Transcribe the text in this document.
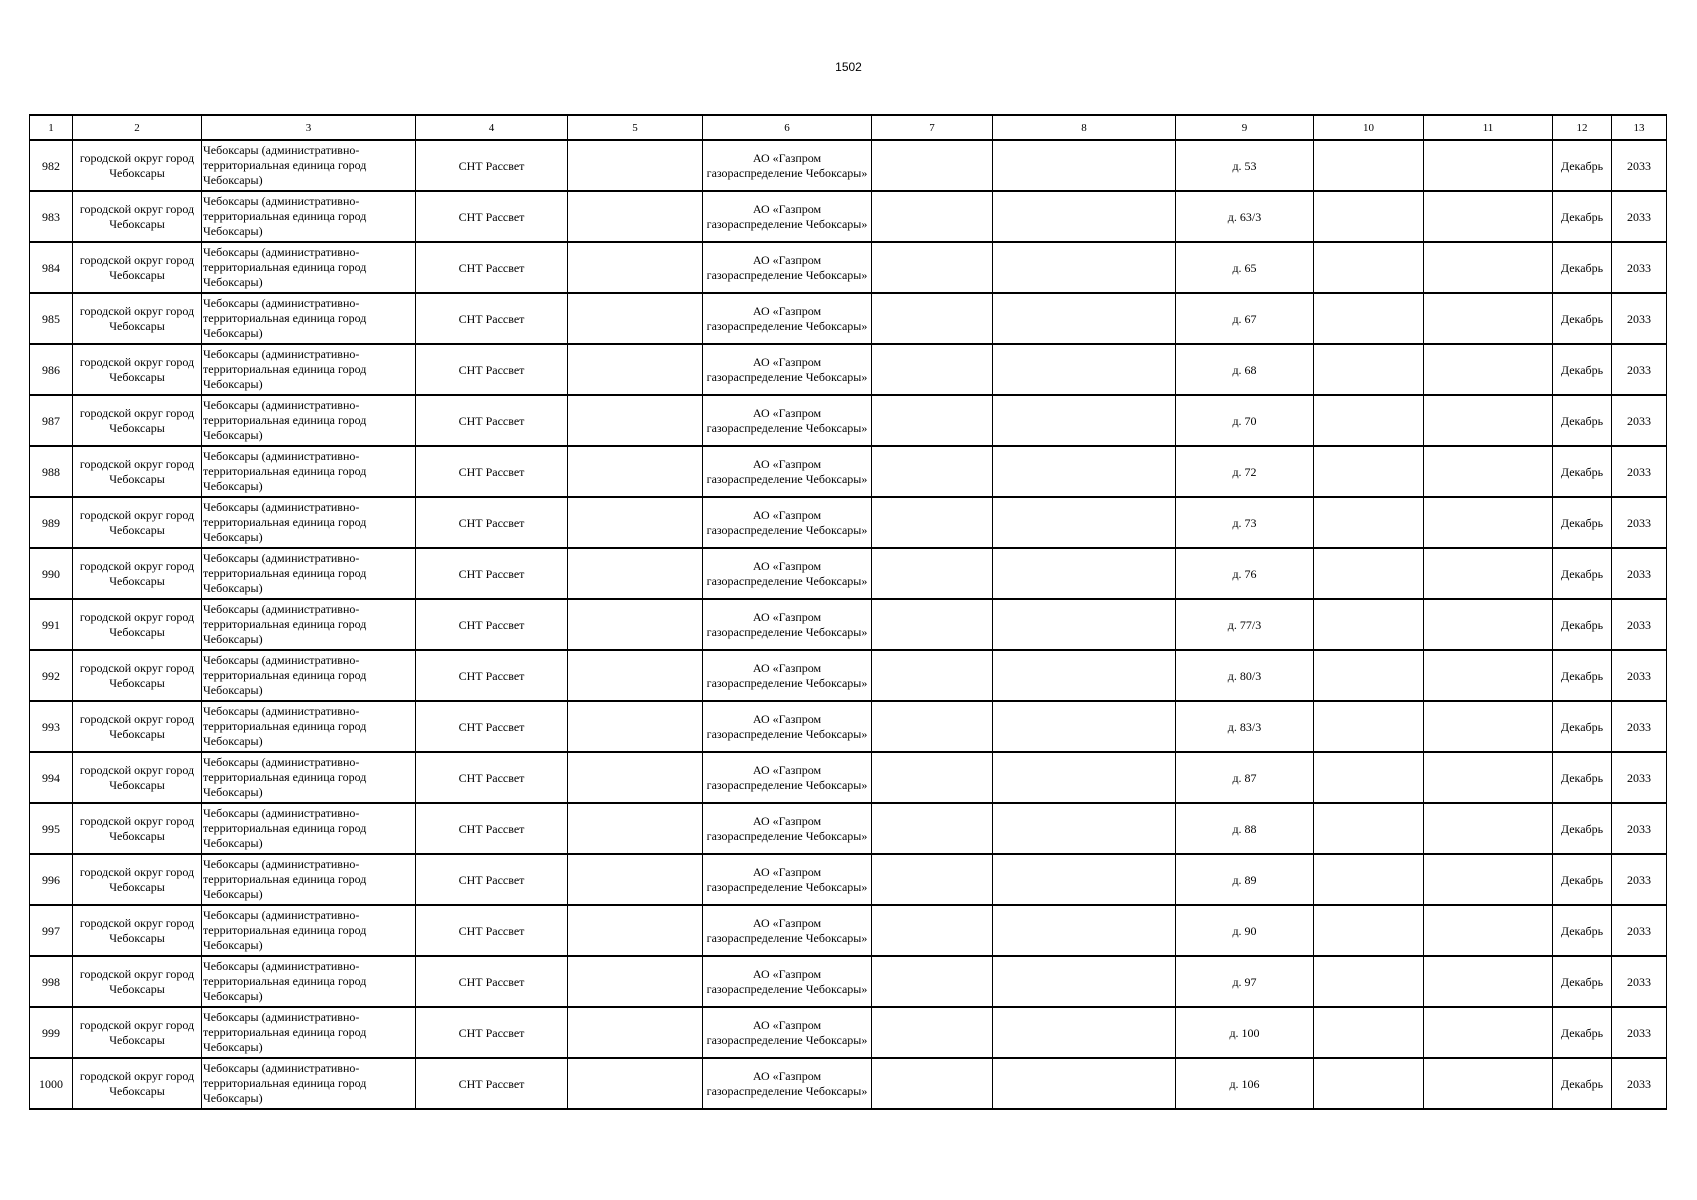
1502
1	2	3	4	5	6	7	8	9	10	11	12	13
982	городской округ город Чебоксары	Чебоксары (административно-территориальная единица город Чебоксары)	СНТ Рассвет		АО «Газпром газораспределение Чебоксары»			д. 53			Декабрь	2033
983	городской округ город Чебоксары	Чебоксары (административно-территориальная единица город Чебоксары)	СНТ Рассвет		АО «Газпром газораспределение Чебоксары»			д. 63/3			Декабрь	2033
984	городской округ город Чебоксары	Чебоксары (административно-территориальная единица город Чебоксары)	СНТ Рассвет		АО «Газпром газораспределение Чебоксары»			д. 65			Декабрь	2033
985	городской округ город Чебоксары	Чебоксары (административно-территориальная единица город Чебоксары)	СНТ Рассвет		АО «Газпром газораспределение Чебоксары»			д. 67			Декабрь	2033
986	городской округ город Чебоксары	Чебоксары (административно-территориальная единица город Чебоксары)	СНТ Рассвет		АО «Газпром газораспределение Чебоксары»			д. 68			Декабрь	2033
987	городской округ город Чебоксары	Чебоксары (административно-территориальная единица город Чебоксары)	СНТ Рассвет		АО «Газпром газораспределение Чебоксары»			д. 70			Декабрь	2033
988	городской округ город Чебоксары	Чебоксары (административно-территориальная единица город Чебоксары)	СНТ Рассвет		АО «Газпром газораспределение Чебоксары»			д. 72			Декабрь	2033
989	городской округ город Чебоксары	Чебоксары (административно-территориальная единица город Чебоксары)	СНТ Рассвет		АО «Газпром газораспределение Чебоксары»			д. 73			Декабрь	2033
990	городской округ город Чебоксары	Чебоксары (административно-территориальная единица город Чебоксары)	СНТ Рассвет		АО «Газпром газораспределение Чебоксары»			д. 76			Декабрь	2033
991	городской округ город Чебоксары	Чебоксары (административно-территориальная единица город Чебоксары)	СНТ Рассвет		АО «Газпром газораспределение Чебоксары»			д. 77/3			Декабрь	2033
992	городской округ город Чебоксары	Чебоксары (административно-территориальная единица город Чебоксары)	СНТ Рассвет		АО «Газпром газораспределение Чебоксары»			д. 80/3			Декабрь	2033
993	городской округ город Чебоксары	Чебоксары (административно-территориальная единица город Чебоксары)	СНТ Рассвет		АО «Газпром газораспределение Чебоксары»			д. 83/3			Декабрь	2033
994	городской округ город Чебоксары	Чебоксары (административно-территориальная единица город Чебоксары)	СНТ Рассвет		АО «Газпром газораспределение Чебоксары»			д. 87			Декабрь	2033
995	городской округ город Чебоксары	Чебоксары (административно-территориальная единица город Чебоксары)	СНТ Рассвет		АО «Газпром газораспределение Чебоксары»			д. 88			Декабрь	2033
996	городской округ город Чебоксары	Чебоксары (административно-территориальная единица город Чебоксары)	СНТ Рассвет		АО «Газпром газораспределение Чебоксары»			д. 89			Декабрь	2033
997	городской округ город Чебоксары	Чебоксары (административно-территориальная единица город Чебоксары)	СНТ Рассвет		АО «Газпром газораспределение Чебоксары»			д. 90			Декабрь	2033
998	городской округ город Чебоксары	Чебоксары (административно-территориальная единица город Чебоксары)	СНТ Рассвет		АО «Газпром газораспределение Чебоксары»			д. 97			Декабрь	2033
999	городской округ город Чебоксары	Чебоксары (административно-территориальная единица город Чебоксары)	СНТ Рассвет		АО «Газпром газораспределение Чебоксары»			д. 100			Декабрь	2033
1000	городской округ город Чебоксары	Чебоксары (административно-территориальная единица город Чебоксары)	СНТ Рассвет		АО «Газпром газораспределение Чебоксары»			д. 106			Декабрь	2033
